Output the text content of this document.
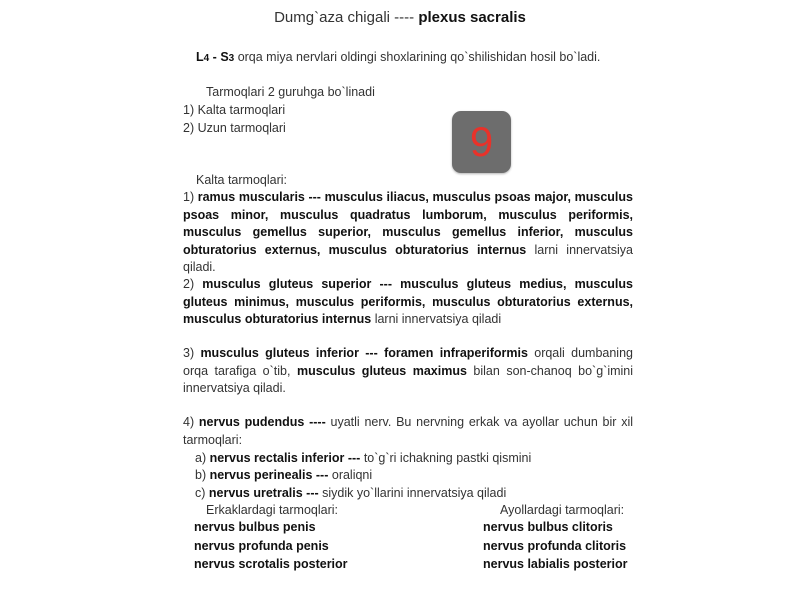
Dumg`aza chigali ---- plexus sacralis
L4 - S3 orqa miya nervlari oldingi shoxlarining qo`shilishidan hosil bo`ladi.
Tarmoqlari 2 guruhga bo`linadi
1) Kalta tarmoqlari
2) Uzun tarmoqlari	9
Kalta tarmoqlari:
1) ramus muscularis --- musculus iliacus, musculus psoas major, musculus psoas minor, musculus quadratus lumborum, musculus periformis, musculus gemellus superior, musculus gemellus inferior, musculus obturatorius externus, musculus obturatorius internus larni innervatsiya qiladi.
2) musculus gluteus superior --- musculus gluteus medius, musculus gluteus minimus, musculus periformis, musculus obturatorius externus, musculus obturatorius internus larni innervatsiya qiladi
3) musculus gluteus inferior --- foramen infraperiformis orqali dumbaning orqa tarafiga o`tib, musculus gluteus maximus bilan son-chanoq bo`g`imini innervatsiya qiladi.
4) nervus pudendus ---- uyatli nerv. Bu nervning erkak va ayollar uchun bir xil tarmoqlari:
a) nervus rectalis inferior --- to`g`ri ichakning pastki qismini
b) nervus perinealis --- oraliqni
c) nervus uretralis --- siydik yo`llarini innervatsiya qiladi
Erkaklardagi tarmoqlari:	Ayollardagi tarmoqlari:
nervus bulbus penis
nervus profunda penis
nervus scrotalis posterior
nervus bulbus clitoris
nervus profunda clitoris
nervus labialis posterior
